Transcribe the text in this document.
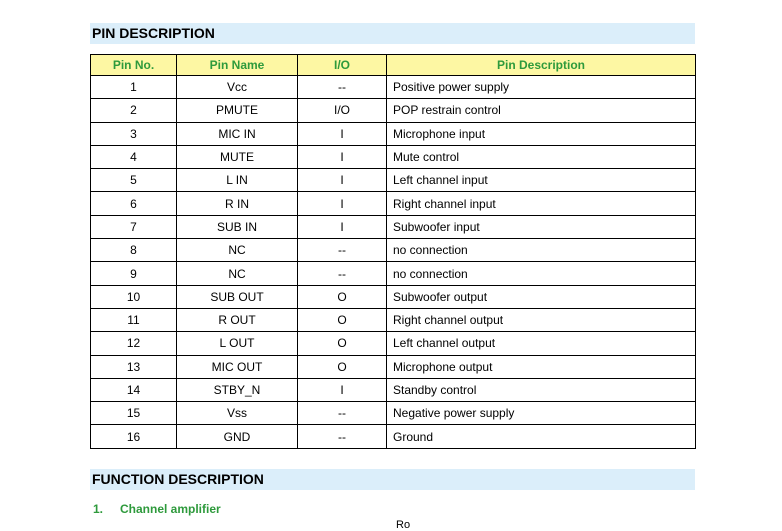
PIN DESCRIPTION
Pin No.	Pin Name	I/O	Pin Description
1	Vcc	--	Positive power supply
2	PMUTE	I/O	POP restrain control
3	MIC IN	I	Microphone input
4	MUTE	I	Mute control
5	L IN	I	Left channel input
6	R IN	I	Right channel input
7	SUB IN	I	Subwoofer input
8	NC	--	no connection
9	NC	--	no connection
10	SUB OUT	O	Subwoofer output
11	R OUT	O	Right channel output
12	L OUT	O	Left channel output
13	MIC OUT	O	Microphone output
14	STBY_N	I	Standby control
15	Vss	--	Negative power supply
16	GND	--	Ground
FUNCTION DESCRIPTION
1. Channel amplifier
Ro
